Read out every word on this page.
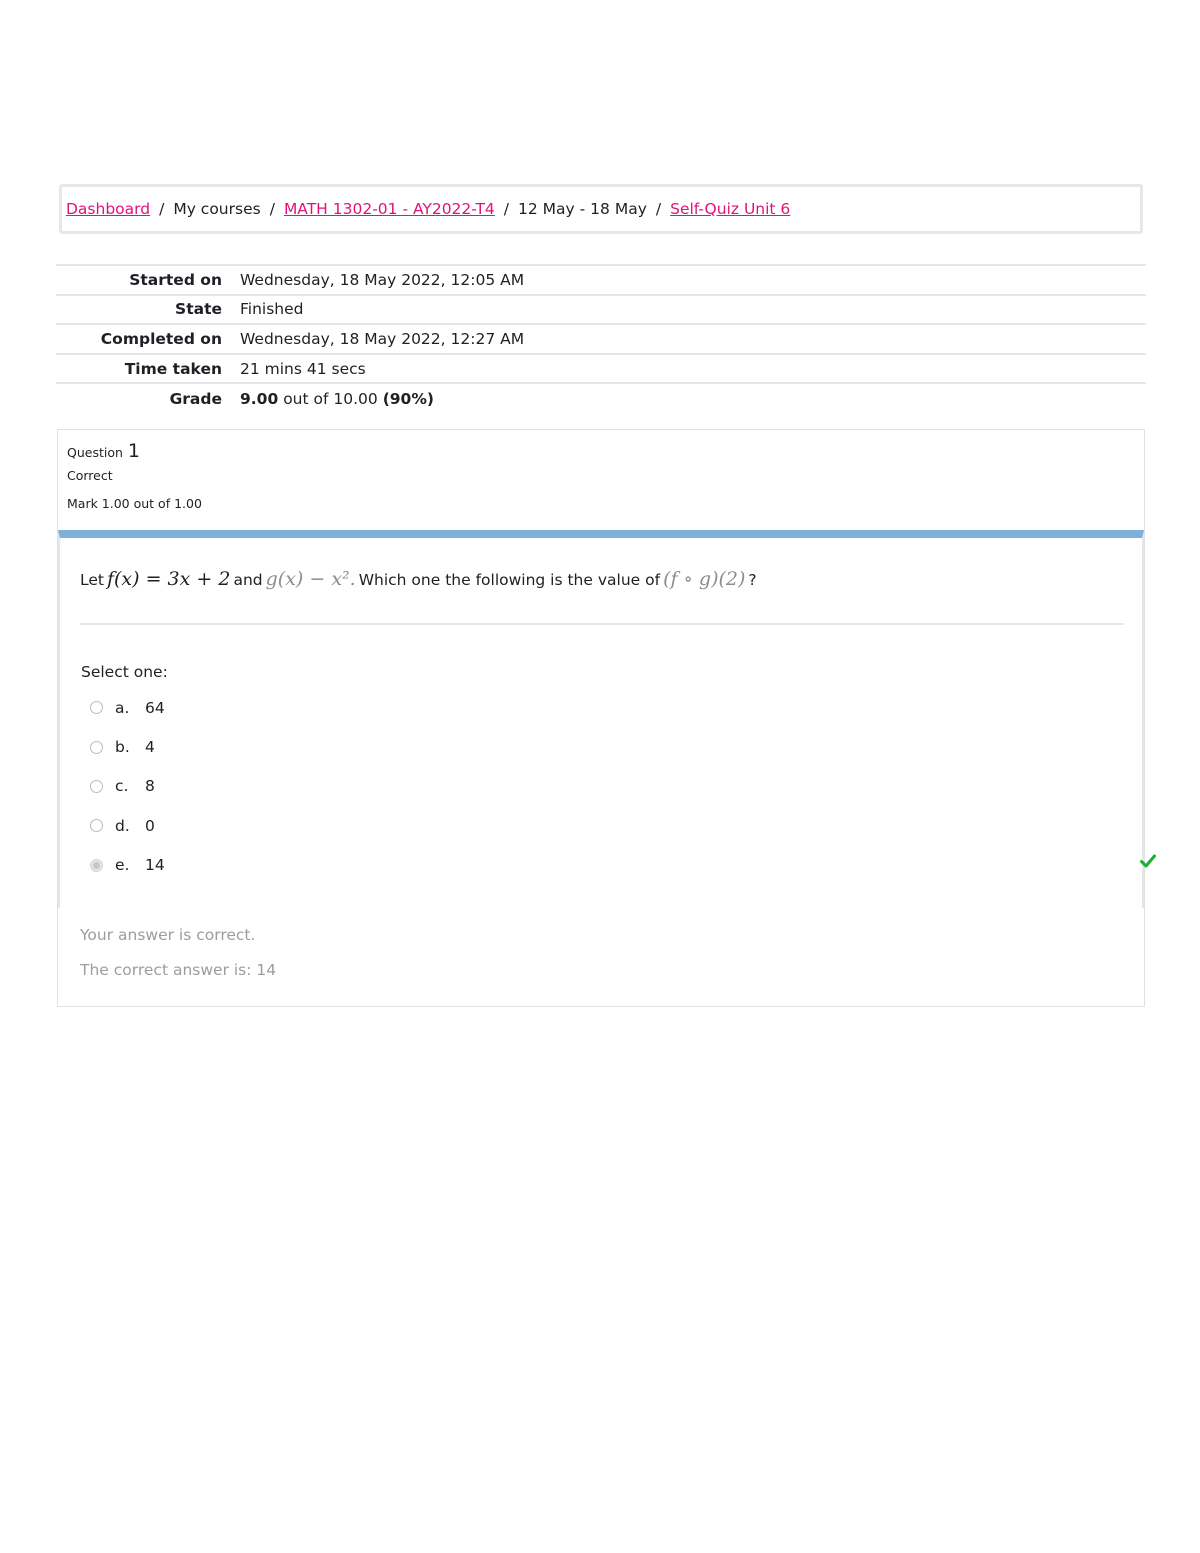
Dashboard / My courses / MATH 1302-01 - AY2022-T4 / 12 May - 18 May / Self-Quiz Unit 6
Started on	Wednesday, 18 May 2022, 12:05 AM
State	Finished
Completed on	Wednesday, 18 May 2022, 12:27 AM
Time taken	21 mins 41 secs
Grade	9.00 out of 10.00 (90%)
Question 1
Correct
Mark 1.00 out of 1.00
Let f(x) = 3x + 2 and g(x) − x². Which one the following is the value of (f ∘ g)(2) ?
Select one:
a.	64
b. 4
c.	8
d. 0
e.	14
Your answer is correct.
The correct answer is: 14
